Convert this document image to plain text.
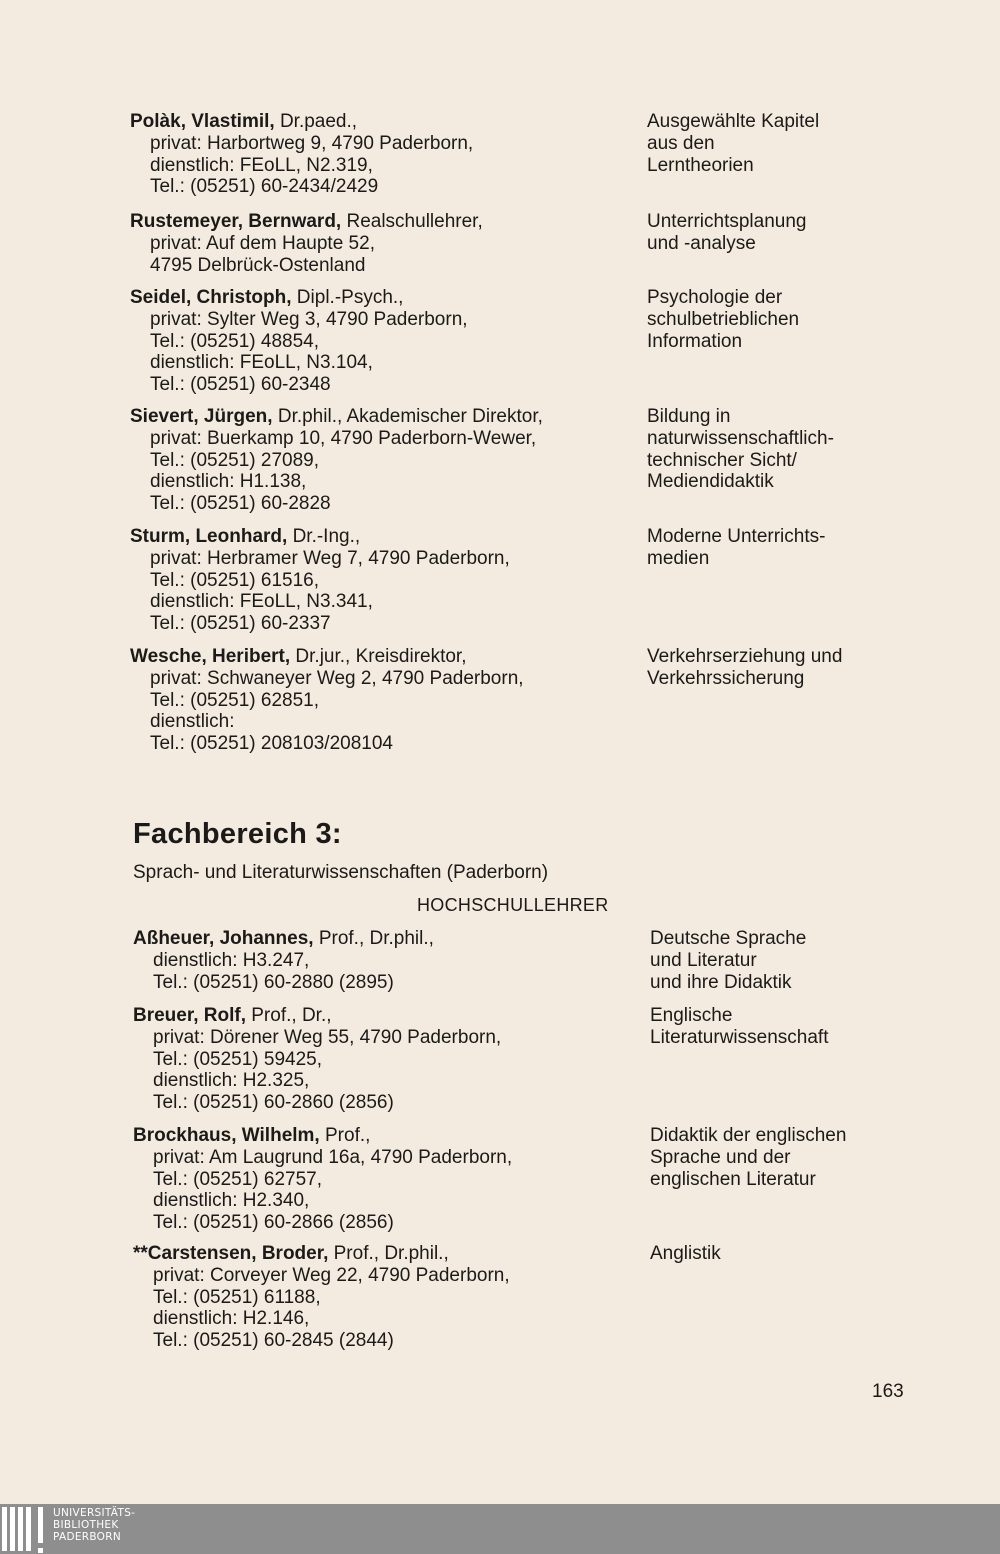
Polàk, Vlastimil, Dr.paed.,
privat: Harbortweg 9, 4790 Paderborn,
dienstlich: FEoLL, N2.319,
Tel.: (05251) 60-2434/2429
Ausgewählte Kapitel
aus den
Lerntheorien
Rustemeyer, Bernward, Realschullehrer,
privat: Auf dem Haupte 52,
4795 Delbrück-Ostenland
Unterrichtsplanung
und -analyse
Seidel, Christoph, Dipl.-Psych.,
privat: Sylter Weg 3, 4790 Paderborn,
Tel.: (05251) 48854,
dienstlich: FEoLL, N3.104,
Tel.: (05251) 60-2348
Psychologie der
schulbetrieblichen
Information
Sievert, Jürgen, Dr.phil., Akademischer Direktor,
privat: Buerkamp 10, 4790 Paderborn-Wewer,
Tel.: (05251) 27089,
dienstlich: H1.138,
Tel.: (05251) 60-2828
Bildung in
naturwissenschaftlich-
technischer Sicht/
Mediendidaktik
Sturm, Leonhard, Dr.-Ing.,
privat: Herbramer Weg 7, 4790 Paderborn,
Tel.: (05251) 61516,
dienstlich: FEoLL, N3.341,
Tel.: (05251) 60-2337
Moderne Unterrichts-
medien
Wesche, Heribert, Dr.jur., Kreisdirektor,
privat: Schwaneyer Weg 2, 4790 Paderborn,
Tel.: (05251) 62851,
dienstlich:
Tel.: (05251) 208103/208104
Verkehrserziehung und
Verkehrssicherung
Fachbereich 3:
Sprach- und Literaturwissenschaften (Paderborn)
HOCHSCHULLEHRER
Aßheuer, Johannes, Prof., Dr.phil.,
dienstlich: H3.247,
Tel.: (05251) 60-2880 (2895)
Deutsche Sprache
und Literatur
und ihre Didaktik
Breuer, Rolf, Prof., Dr.,
privat: Dörener Weg 55, 4790 Paderborn,
Tel.: (05251) 59425,
dienstlich: H2.325,
Tel.: (05251) 60-2860 (2856)
Englische
Literaturwissenschaft
Brockhaus, Wilhelm, Prof.,
privat: Am Laugrund 16a, 4790 Paderborn,
Tel.: (05251) 62757,
dienstlich: H2.340,
Tel.: (05251) 60-2866 (2856)
Didaktik der englischen
Sprache und der
englischen Literatur
**Carstensen, Broder, Prof., Dr.phil.,
privat: Corveyer Weg 22, 4790 Paderborn,
Tel.: (05251) 61188,
dienstlich: H2.146,
Tel.: (05251) 60-2845 (2844)
Anglistik
163
UNIVERSITÄTS-
BIBLIOTHEK
PADERBORN
